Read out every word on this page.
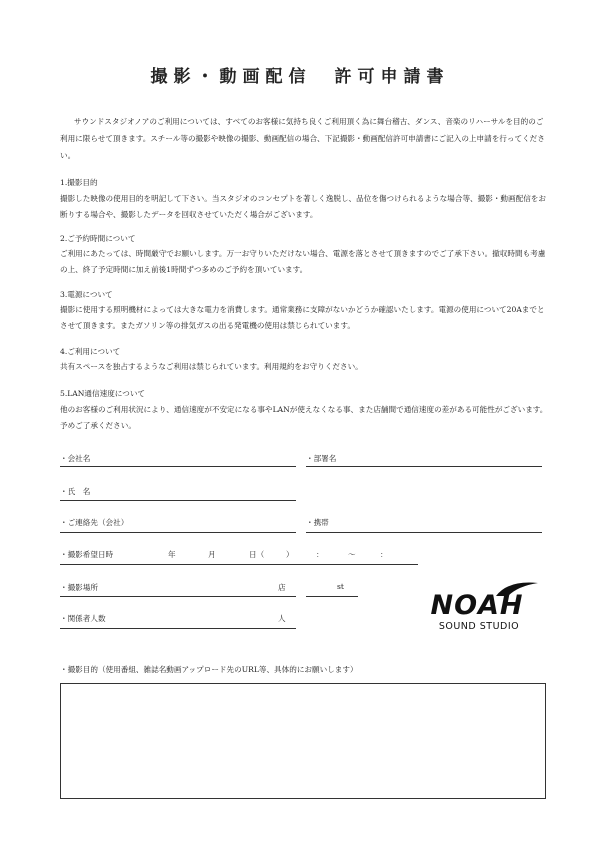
撮影・動画配信　許可申請書
サウンドスタジオノアのご利用については、すべてのお客様に気持ち良くご利用頂く為に舞台稽古、ダンス、音楽のリハーサルを目的のご利用に限らせて頂きます。スチール等の撮影や映像の撮影、動画配信の場合、下記撮影・動画配信許可申請書にご記入の上申請を行ってください。
1.撮影目的
撮影した映像の使用目的を明記して下さい。当スタジオのコンセプトを著しく逸脱し、品位を傷つけられるような場合等、撮影・動画配信をお断りする場合や、撮影したデータを回収させていただく場合がございます。
2.ご予約時間について
ご利用にあたっては、時間厳守でお願いします。万一お守りいただけない場合、電源を落とさせて頂きますのでご了承下さい。撤収時間も考慮の上、終了予定時間に加え前後1時間ずつ多めのご予約を頂いています。
3.電源について
撮影に使用する照明機材によっては大きな電力を消費します。通常業務に支障がないかどうか確認いたします。電源の使用について20Aまでとさせて頂きます。またガソリン等の排気ガスの出る発電機の使用は禁じられています。
4.ご利用について
共有スペースを独占するようなご利用は禁じられています。利用規約をお守りください。
5.LAN通信速度について
他のお客様のご利用状況により、通信速度が不安定になる事やLANが使えなくなる事、また店舗間で通信速度の差がある可能性がございます。予めご了承ください。
・会社名	・部署名
・氏　名
・ご連絡先（会社）	・携帯
・撮影希望日時	年	月	日（	）	：	〜	：
・撮影場所	店	st
・関係者人数	人	NOAH
SOUND STUDIO
・撮影目的（使用番組、雑誌名動画アップロード先のURL等、具体的にお願いします）
